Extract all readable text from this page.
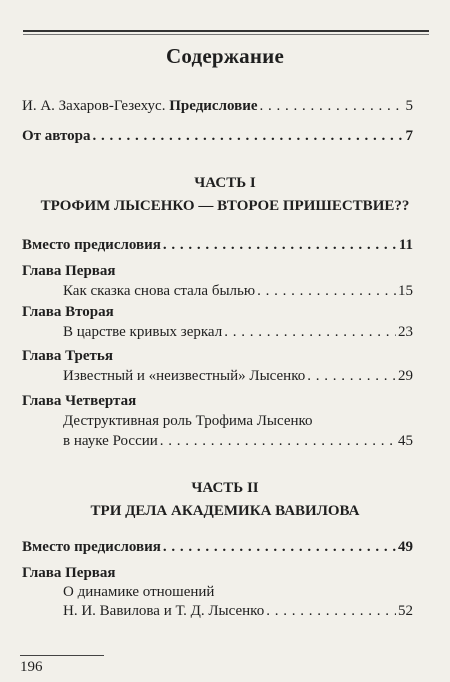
Содержание
И. А. Захаров-Гезехус.
Предисловие . . .	5
От автора . . .	7
ЧАСТЬ I
ТРОФИМ ЛЫСЕНКО — ВТОРОЕ ПРИШЕСТВИЕ??
Вместо предисловия . . .	11
Глава Первая
Как сказка снова стала былью . . .	15
Глава Вторая
В царстве кривых зеркал . . .	23
Глава Третья
Известный и «неизвестный» Лысенко . . .	29
Глава Четвертая
Деструктивная роль Трофима Лысенко
в науке России . . .	45
ЧАСТЬ II
ТРИ ДЕЛА АКАДЕМИКА ВАВИЛОВА
Вместо предисловия . . .	49
Глава Первая
О динамике отношений
Н. И. Вавилова и Т. Д. Лысенко . . .	52
196
